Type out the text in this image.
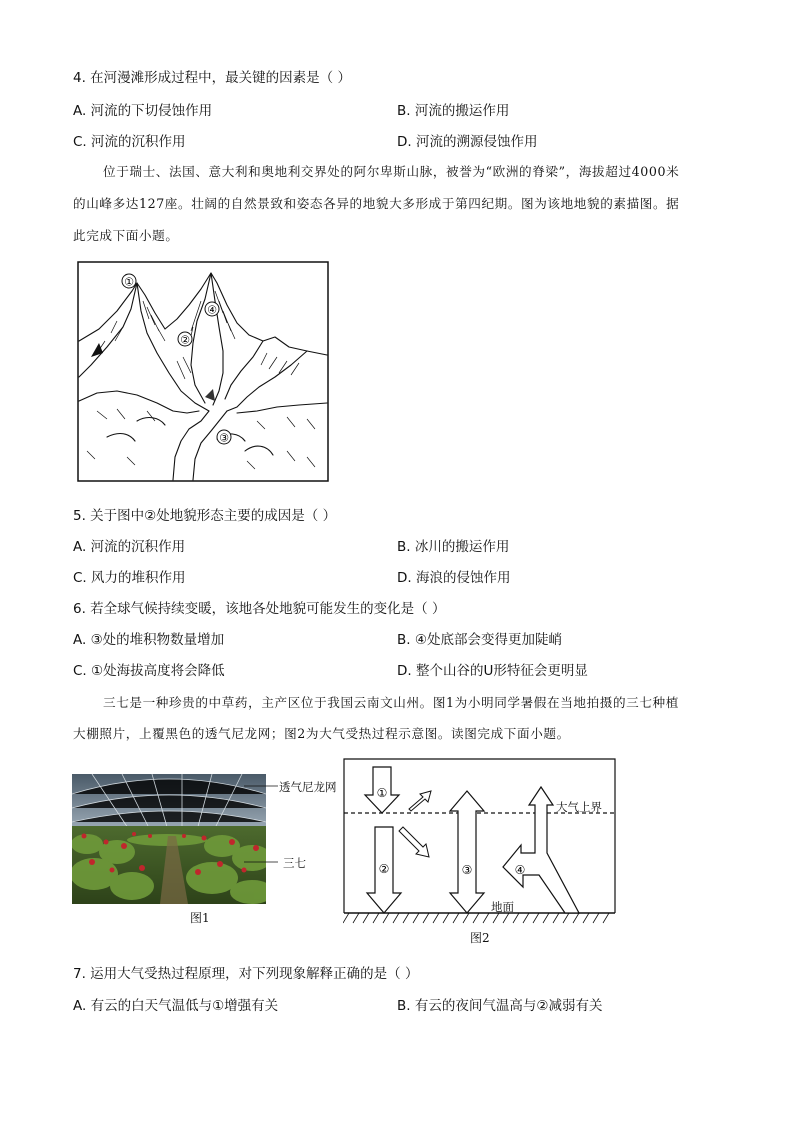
4. 在河漫滩形成过程中，最关键的因素是（ ）
A. 河流的下切侵蚀作用	B. 河流的搬运作用
C. 河流的沉积作用	D. 河流的溯源侵蚀作用
位于瑞士、法国、意大利和奥地利交界处的阿尔卑斯山脉，被誉为“欧洲的脊梁”，海拔超过4000米
的山峰多达127座。壮阔的自然景致和姿态各异的地貌大多形成于第四纪期。图为该地地貌的素描图。据
此完成下面小题。
①
④
②
③
5. 关于图中②处地貌形态主要的成因是（ ）
A. 河流的沉积作用	B. 冰川的搬运作用
C. 风力的堆积作用	D. 海浪的侵蚀作用
6. 若全球气候持续变暖，该地各处地貌可能发生的变化是（ ）
A. ③处的堆积物数量增加	B. ④处底部会变得更加陡峭
C. ①处海拔高度将会降低	D. 整个山谷的U形特征会更明显
三七是一种珍贵的中草药，主产区位于我国云南文山州。图1为小明同学暑假在当地拍摄的三七种植
大棚照片，上覆黑色的透气尼龙网；图2为大气受热过程示意图。读图完成下面小题。
透气尼龙网
三七
图1
①
②	③	④
大气上界
地面
图2
7. 运用大气受热过程原理，对下列现象解释正确的是（ ）
A. 有云的白天气温低与①增强有关	B. 有云的夜间气温高与②减弱有关
